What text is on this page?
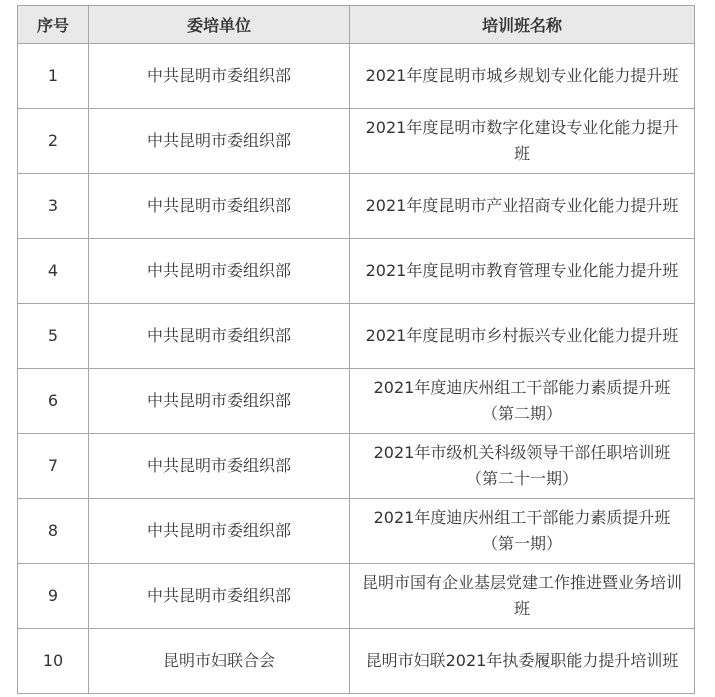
序号	委培单位	培训班名称
1	中共昆明市委组织部	2021年度昆明市城乡规划专业化能力提升班
2	中共昆明市委组织部	2021年度昆明市数字化建设专业化能力提升班
3	中共昆明市委组织部	2021年度昆明市产业招商专业化能力提升班
4	中共昆明市委组织部	2021年度昆明市教育管理专业化能力提升班
5	中共昆明市委组织部	2021年度昆明市乡村振兴专业化能力提升班
6	中共昆明市委组织部	2021年度迪庆州组工干部能力素质提升班（第二期）
7	中共昆明市委组织部	2021年市级机关科级领导干部任职培训班（第二十一期）
8	中共昆明市委组织部	2021年度迪庆州组工干部能力素质提升班（第一期）
9	中共昆明市委组织部	昆明市国有企业基层党建工作推进暨业务培训班
10	昆明市妇联合会	昆明市妇联2021年执委履职能力提升培训班
